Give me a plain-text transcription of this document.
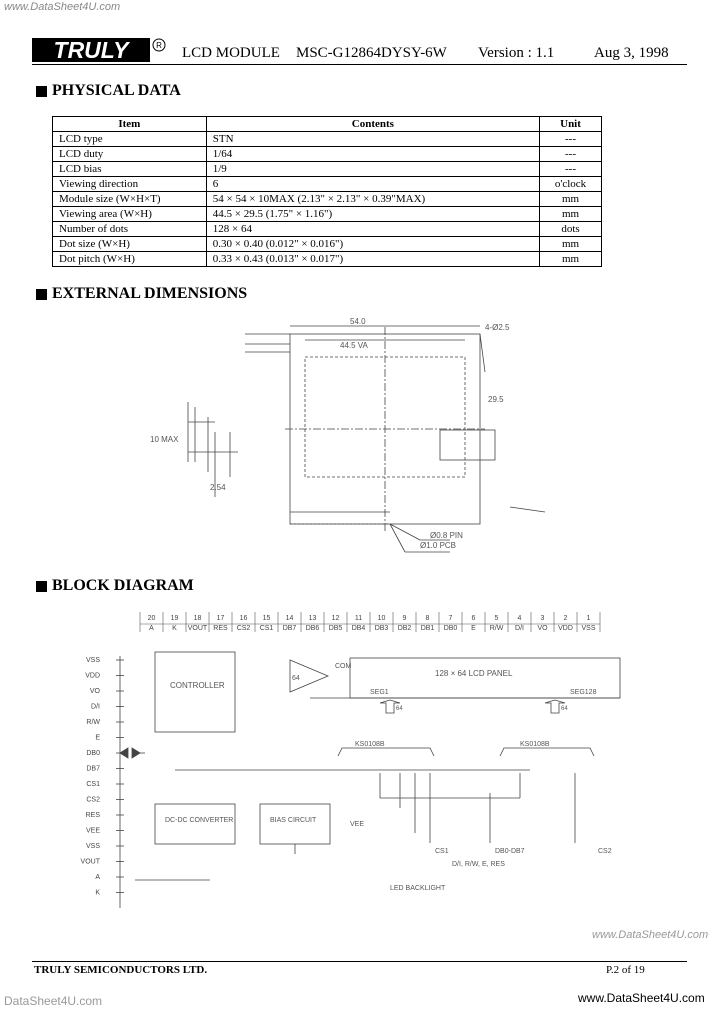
www.DataSheet4U.com
TRULY	R LCD MODULE MSC-G12864DYSY-6W Version : 1.1	Aug 3, 1998
PHYSICAL DATA
Item	Contents	Unit
LCD type	STN	---
LCD duty	1/64	---
LCD bias	1/9	---
Viewing direction	6	o'clock
Module size (W×H×T)	54 × 54 × 10MAX (2.13" × 2.13" × 0.39"MAX)	mm
Viewing area (W×H)	44.5 × 29.5 (1.75" × 1.16")	mm
Number of dots	128 × 64	dots
Dot size (W×H)	0.30 × 0.40 (0.012" × 0.016")	mm
Dot pitch (W×H)	0.33 × 0.43 (0.013" × 0.017")	mm
EXTERNAL DIMENSIONS
54.0
44.5 VA
10 MAX
29.5
2.54
4-Ø2.5
Ø1.0 PCB
Ø0.8 PIN
BLOCK DIAGRAM
20 19 18 17 16 15 14 13 12 11 10 9	8	7	6	5	4	3	2	1
A	K VOUT RES CS2 CS1 DB7 DB6 DB5 DB4 DB3 DB2 DB1 DB0 E R/W D/I VO VDD VSS
VSS
VDD
VO
D/I
R/W
E
DB0
DB7
CS1
CS2
RES
VEE
VSS
VOUT
A
K
CONTROLLER
128 × 64 LCD PANEL
COM
64
SEG1	SEG128
64	64
KS0108B	KS0108B
DC-DC CONVERTER	BIAS CIRCUIT
VEE
CS1	CS2
DB0-DB7
D/I, R/W, E, RES
LED BACKLIGHT
www.DataSheet4U.com
TRULY SEMICONDUCTORS LTD.	P.2 of 19
DataSheet4U.com	www.DataSheet4U.com
